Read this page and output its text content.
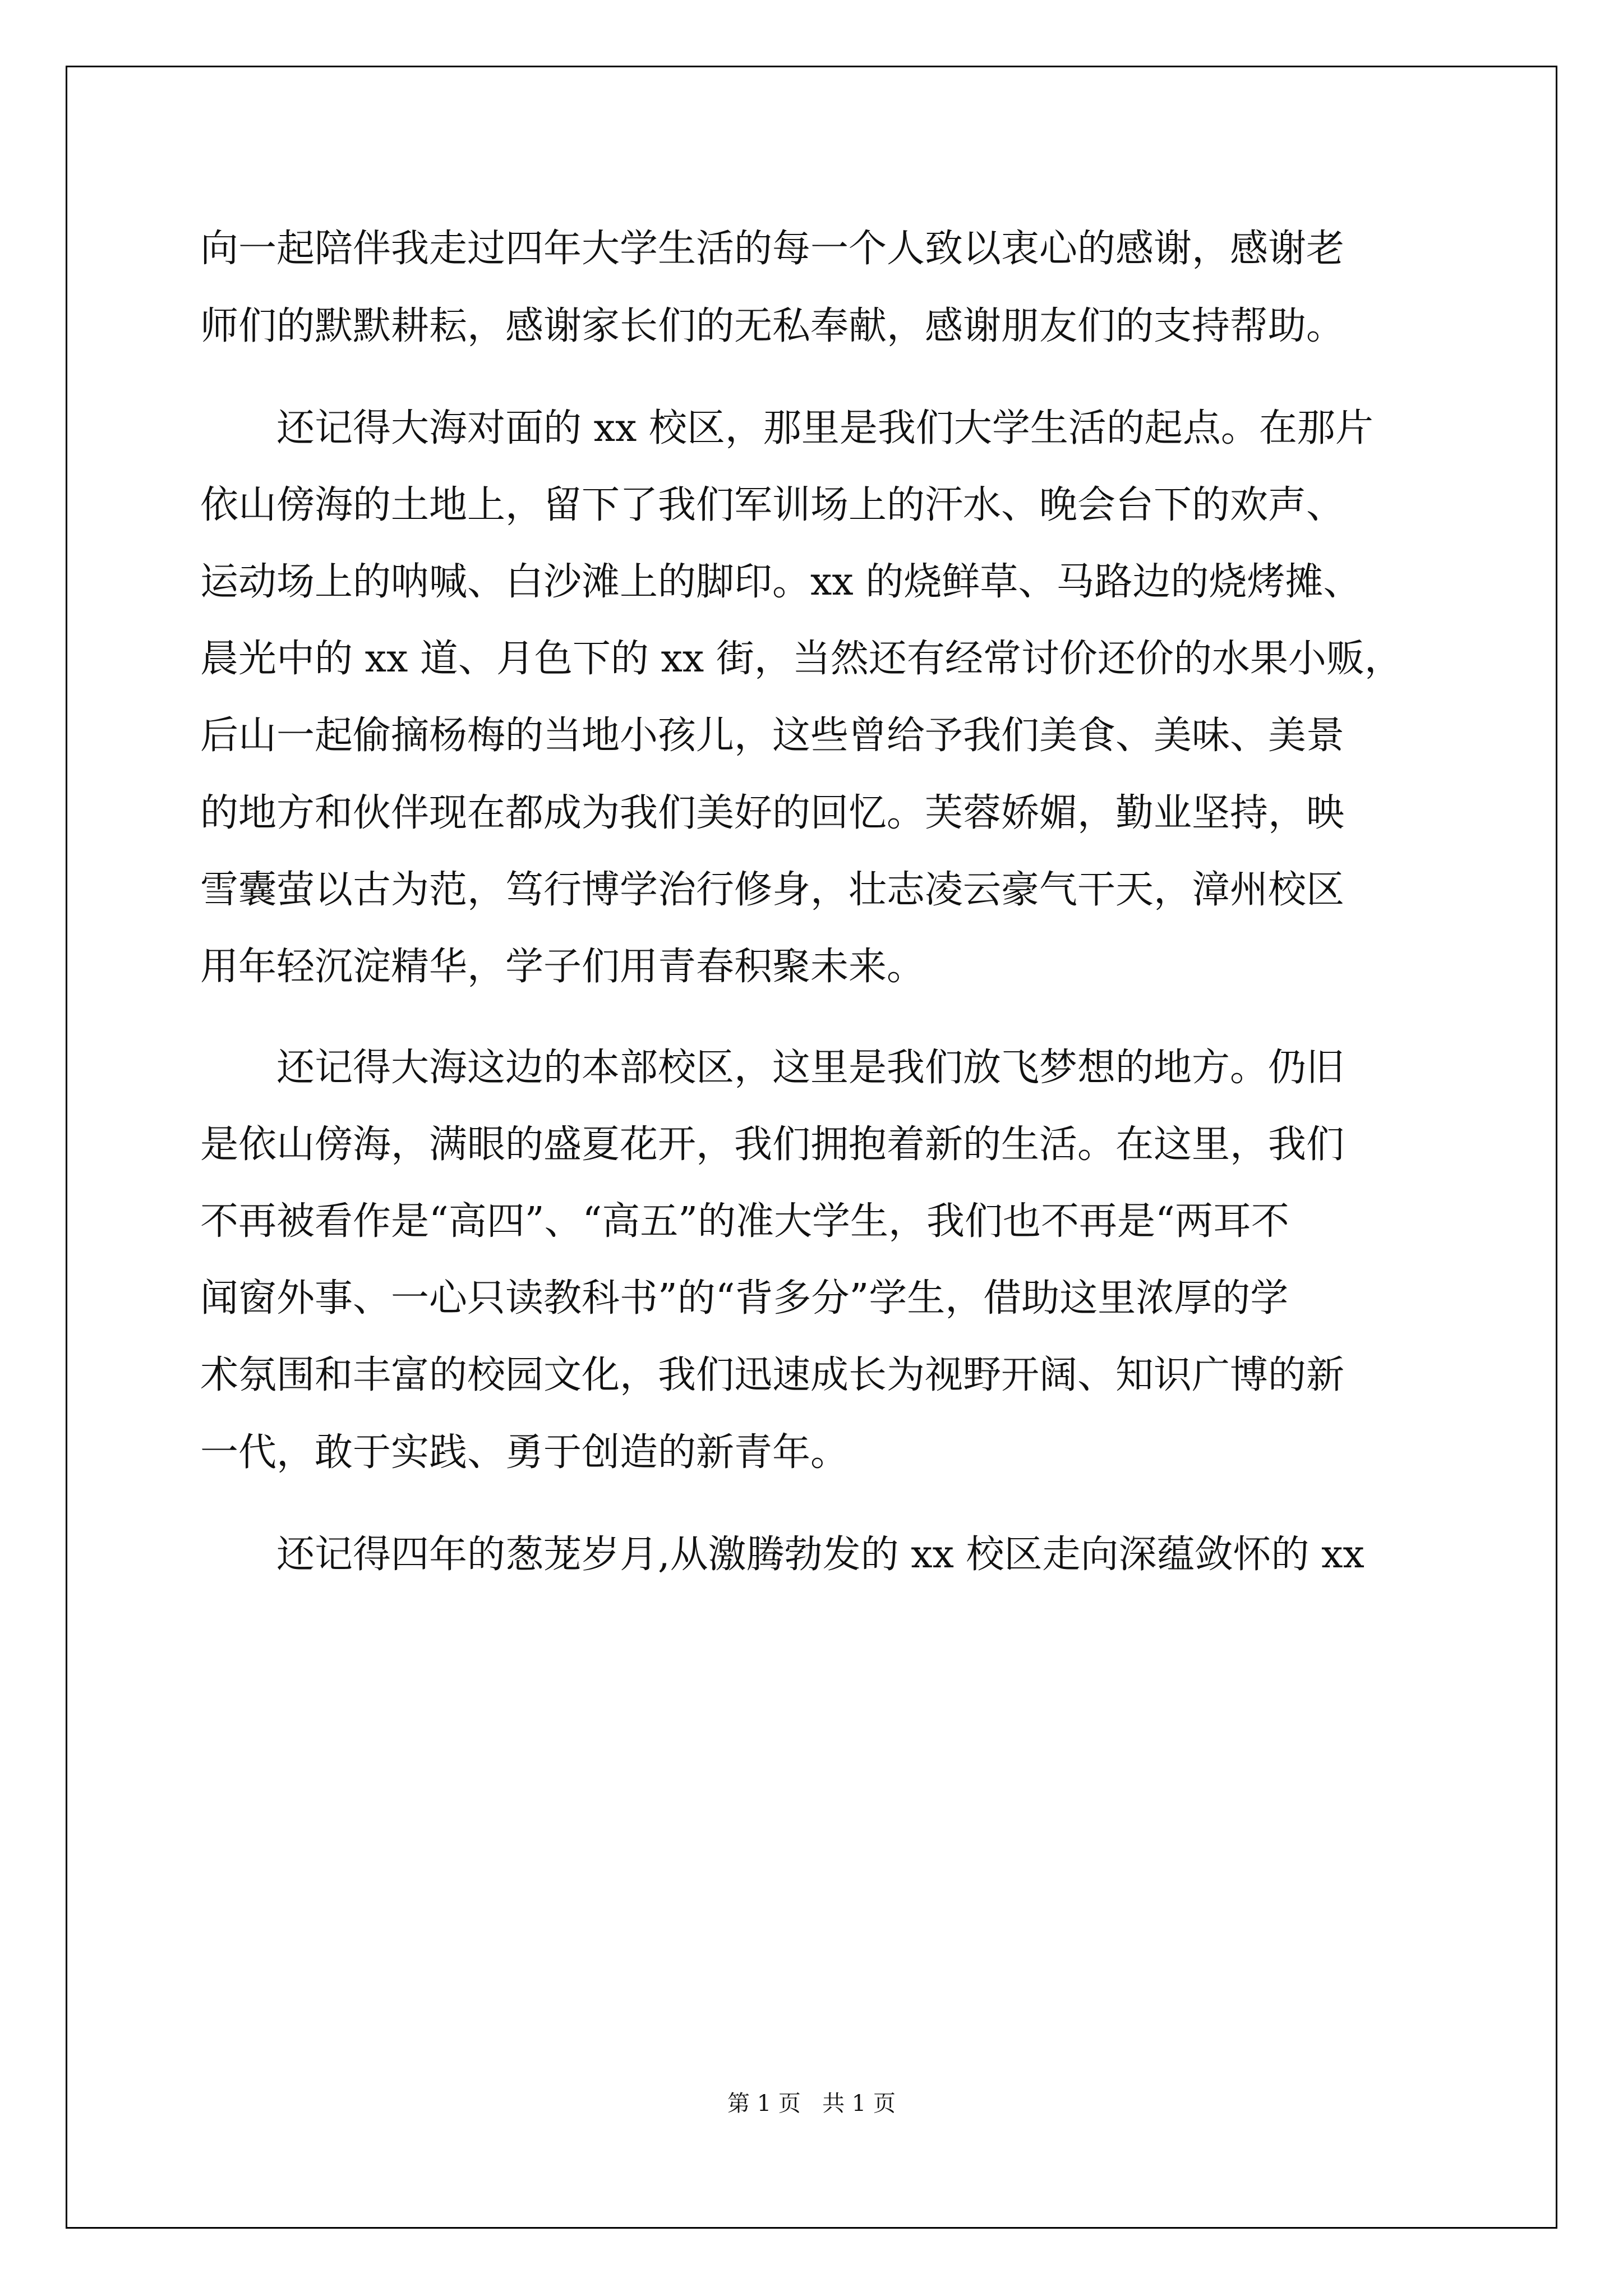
向一起陪伴我走过四年大学生活的每一个人致以衷心的感谢，感谢老
师们的默默耕耘，感谢家长们的无私奉献，感谢朋友们的支持帮助。
　　还记得大海对面的 xx 校区，那里是我们大学生活的起点。在那片
依山傍海的土地上，留下了我们军训场上的汗水、晚会台下的欢声、
运动场上的呐喊、白沙滩上的脚印。xx 的烧鲜草、马路边的烧烤摊、
晨光中的 xx 道、月色下的 xx 街，当然还有经常讨价还价的水果小贩，
后山一起偷摘杨梅的当地小孩儿，这些曾给予我们美食、美味、美景
的地方和伙伴现在都成为我们美好的回忆。芙蓉娇媚，勤业坚持，映
雪囊萤以古为范，笃行博学治行修身，壮志凌云豪气干天，漳州校区
用年轻沉淀精华，学子们用青春积聚未来。
　　还记得大海这边的本部校区，这里是我们放飞梦想的地方。仍旧
是依山傍海，满眼的盛夏花开，我们拥抱着新的生活。在这里，我们
不再被看作是“高四”、“高五”的准大学生，我们也不再是“两耳不
闻窗外事、一心只读教科书”的“背多分”学生，借助这里浓厚的学
术氛围和丰富的校园文化，我们迅速成长为视野开阔、知识广博的新
一代，敢于实践、勇于创造的新青年。
　　还记得四年的葱茏岁月,从激腾勃发的 xx 校区走向深蕴敛怀的 xx
第 1 页   共 1 页
